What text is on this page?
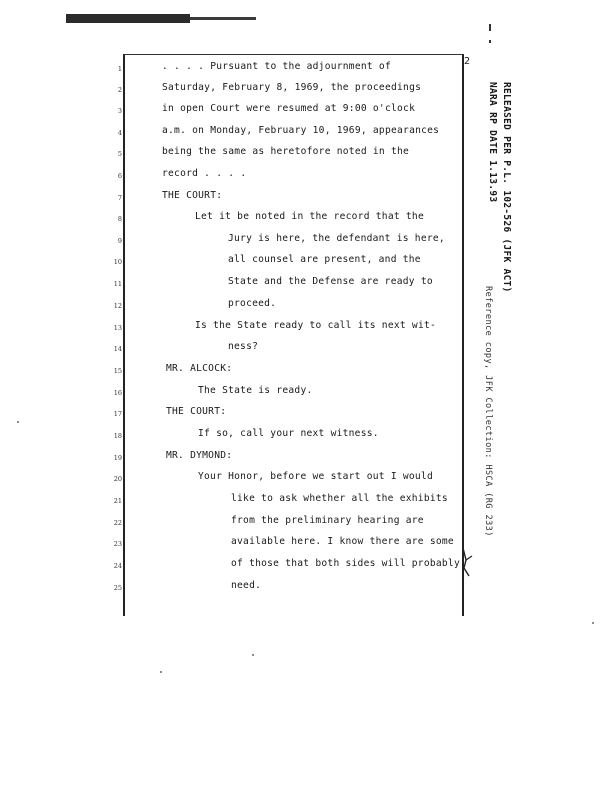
2
1
2
3
4
5
6
7
8
9
10
11
12
13
14
15
16
17
18
19
20
21
22
23
24
25
. . . . Pursuant to the adjournment of
Saturday, February 8, 1969, the proceedings
in open Court were resumed at 9:00 o'clock
a.m. on Monday, February 10, 1969, appearances
being the same as heretofore noted in the
record . . . .
THE COURT:
Let it be noted in the record that the
Jury is here, the defendant is here,
all counsel are present, and the
State and the Defense are ready to
proceed.
Is the State ready to call its next wit-
ness?
MR. ALCOCK:
The State is ready.
THE COURT:
If so, call your next witness.
MR. DYMOND:
Your Honor, before we start out I would
like to ask whether all the exhibits
from the preliminary hearing are
available here. I know there are some
of those that both sides will probably
need.
RELEASED PER P.L. 102-526 (JFK ACT)
NARA RP DATE 1.13.93
Reference copy, JFK Collection: HSCA (RG 233)
